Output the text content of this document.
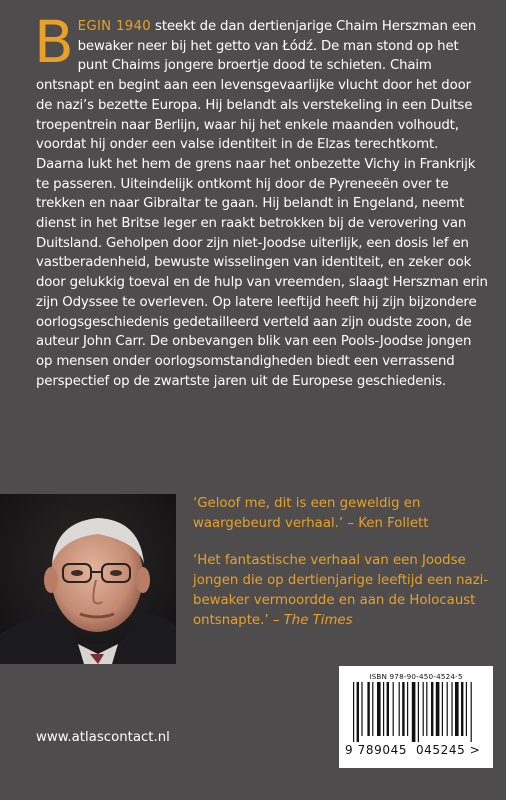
B EGIN 1940 steekt de dan dertienjarige Chaim Herszman een bewaker neer bij het getto van Łódź. De man stond op het punt Chaims jongere broertje dood te schieten. Chaim ontsnapt en begint aan een levensgevaarlijke vlucht door het door de nazi’s bezette Europa. Hij belandt als verstekeling in een Duitse troepentrein naar Berlijn, waar hij het enkele maanden volhoudt, voordat hij onder een valse identiteit in de Elzas terechtkomt. Daarna lukt het hem de grens naar het onbezette Vichy in Frankrijk te passeren. Uiteindelijk ontkomt hij door de Pyreneeën over te trekken en naar Gibraltar te gaan. Hij belandt in Engeland, neemt dienst in het Britse leger en raakt betrokken bij de verovering van Duitsland. Geholpen door zijn niet-Joodse uiterlijk, een dosis lef en vastberadenheid, bewuste wisselingen van identiteit, en zeker ook door gelukkig toeval en de hulp van vreemden, slaagt Herszman erin zijn Odyssee te overleven. Op latere leeftijd heeft hij zijn bijzondere oorlogsgeschiedenis gedetailleerd verteld aan zijn oudste zoon, de auteur John Carr. De onbevangen blik van een Pools-Joodse jongen op mensen onder oorlogsomstandigheden biedt een verrassend perspectief op de zwartste jaren uit de Europese geschiedenis.

‘Geloof me, dit is een geweldig en waargebeurd verhaal.’ – Ken Follett

‘Het fantastische verhaal van een Joodse jongen die op dertienjarige leeftijd een nazi-bewaker vermoordde en aan de Holocaust ontsnapte.’ – The Times

ISBN 978-90-450-4524-5
9 789045 045245 >
www.atlascontact.nl
